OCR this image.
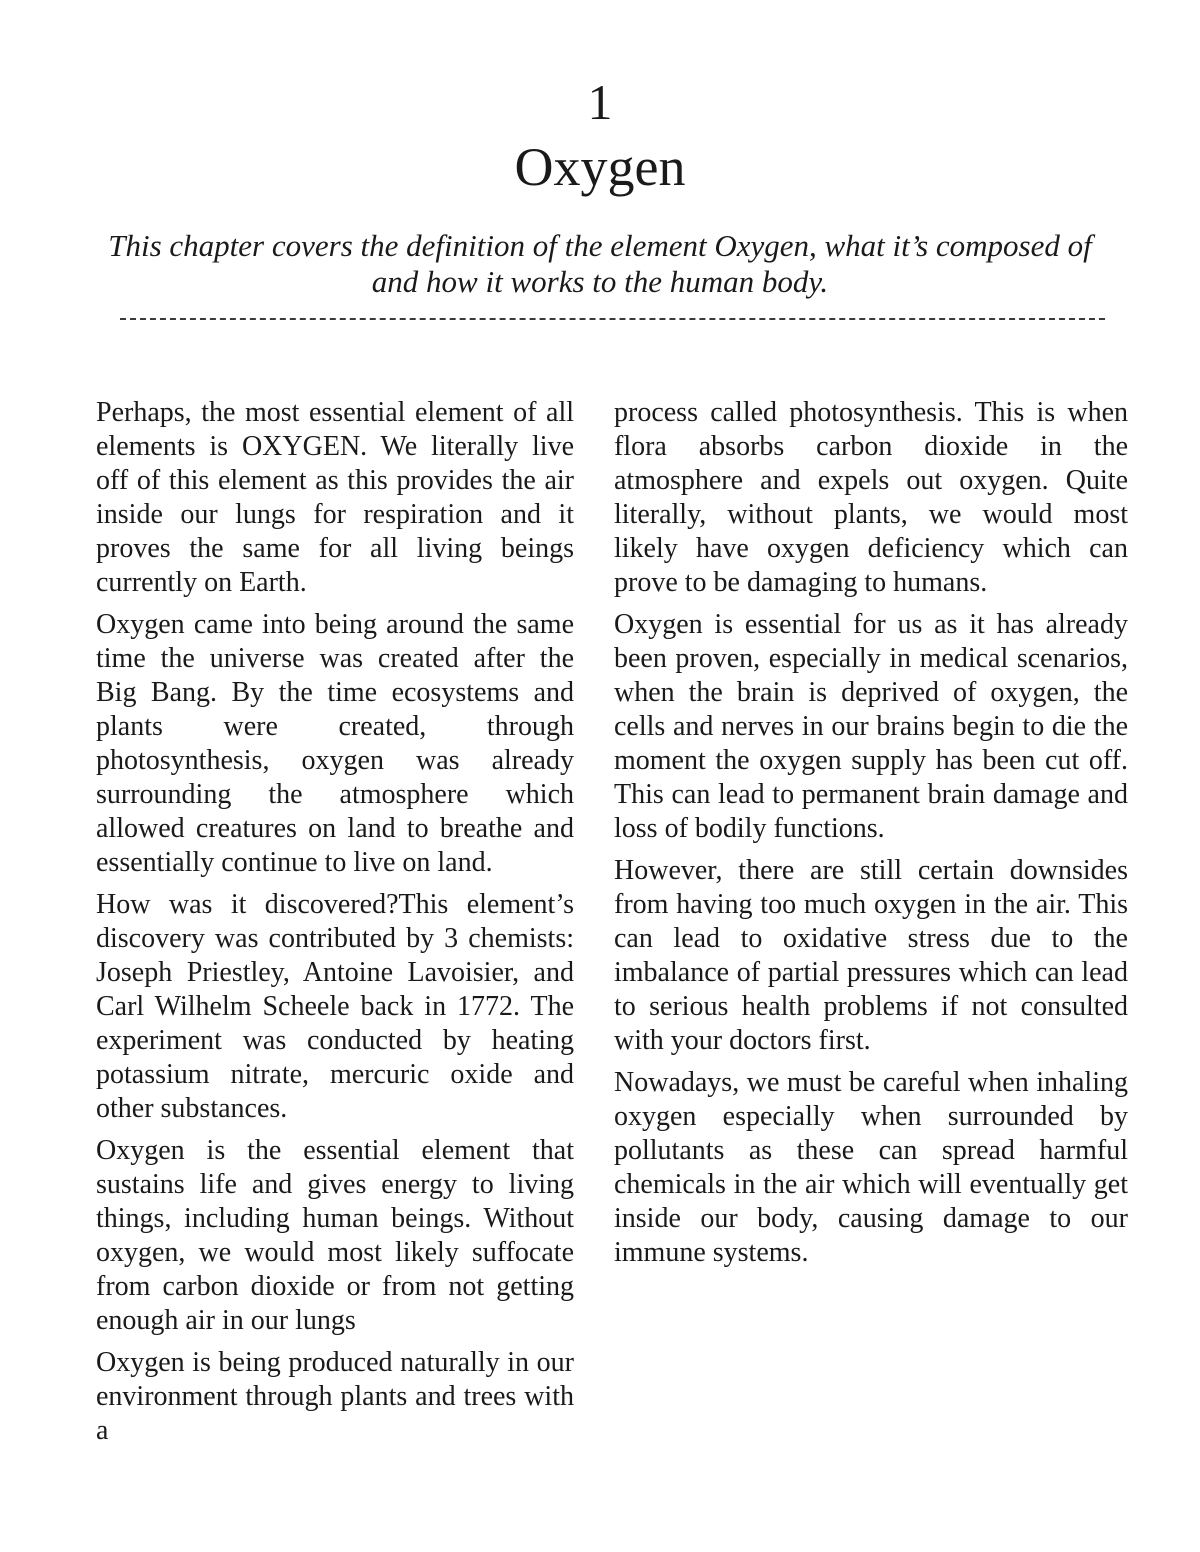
1
Oxygen
This chapter covers the definition of the element Oxygen, what it’s composed of and how it works to the human body.

Perhaps, the most essential element of all elements is OXYGEN. We literally live off of this element as this provides the air inside our lungs for respiration and it proves the same for all living beings currently on Earth.

Oxygen came into being around the same time the universe was created after the Big Bang. By the time ecosystems and plants were created, through photosynthesis, oxygen was already surrounding the atmosphere which allowed creatures on land to breathe and essentially continue to live on land.

How was it discovered?This element’s discovery was contributed by 3 chemists: Joseph Priestley, Antoine Lavoisier, and Carl Wilhelm Scheele back in 1772. The experiment was conducted by heating potassium nitrate, mercuric oxide and other substances.

Oxygen is the essential element that sustains life and gives energy to living things, including human beings. Without oxygen, we would most likely suffocate from carbon dioxide or from not getting enough air in our lungs

Oxygen is being produced naturally in our environment through plants and trees with a

process called photosynthesis. This is when flora absorbs carbon dioxide in the atmosphere and expels out oxygen. Quite literally, without plants, we would most likely have oxygen deficiency which can prove to be damaging to humans.

Oxygen is essential for us as it has already been proven, especially in medical scenarios, when the brain is deprived of oxygen, the cells and nerves in our brains begin to die the moment the oxygen supply has been cut off. This can lead to permanent brain damage and loss of bodily functions.

However, there are still certain downsides from having too much oxygen in the air. This can lead to oxidative stress due to the imbalance of partial pressures which can lead to serious health problems if not consulted with your doctors first.

Nowadays, we must be careful when inhaling oxygen especially when surrounded by pollutants as these can spread harmful chemicals in the air which will eventually get inside our body, causing damage to our immune systems.
